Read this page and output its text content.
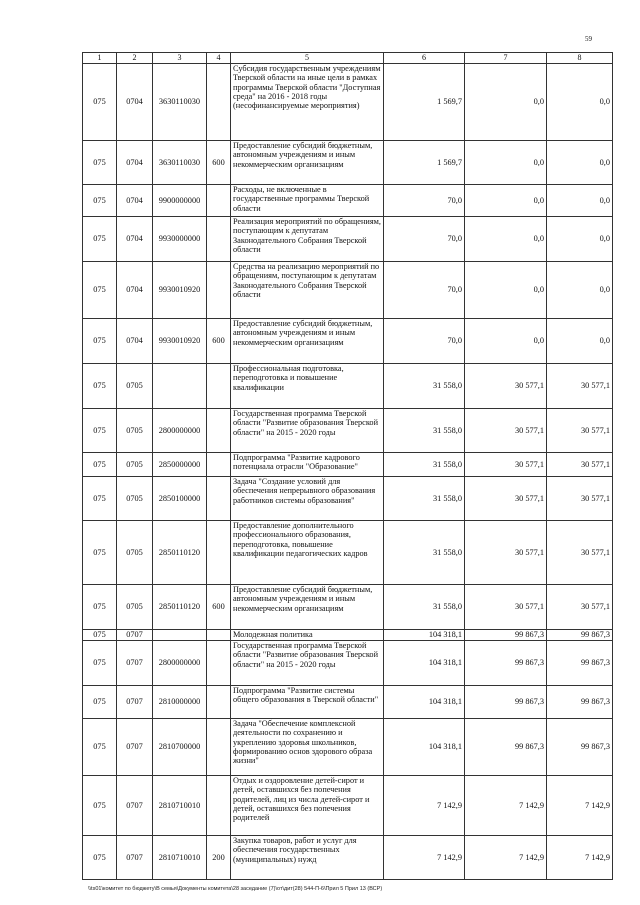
59
1	2	3	4	5	6	7	8
075	0704	3630110030		Субсидия государственным учреждениям Тверской области на иные цели в рамках программы Тверской области "Доступная среда" на 2016 - 2018 годы (несофинансируемые мероприятия)	1 569,7	0,0	0,0
075	0704	3630110030	600	Предоставление субсидий бюджетным, автономным учреждениям и иным некоммерческим организациям	1 569,7	0,0	0,0
075	0704	9900000000		Расходы, не включенные в государственные программы Тверской области	70,0	0,0	0,0
075	0704	9930000000		Реализация мероприятий по обращениям, поступающим к депутатам Законодательного Собрания Тверской области	70,0	0,0	0,0
075	0704	9930010920		Средства на реализацию мероприятий по обращениям, поступающим к депутатам Законодательного Собрания Тверской области	70,0	0,0	0,0
075	0704	9930010920	600	Предоставление субсидий бюджетным, автономным учреждениям и иным некоммерческим организациям	70,0	0,0	0,0
075	0705			Профессиональная подготовка, переподготовка и повышение квалификации	31 558,0	30 577,1	30 577,1
075	0705	2800000000		Государственная программа Тверской области "Развитие образования Тверской области" на 2015 - 2020 годы	31 558,0	30 577,1	30 577,1
075	0705	2850000000		Подпрограмма "Развитие кадрового потенциала отрасли "Образование"	31 558,0	30 577,1	30 577,1
075	0705	2850100000		Задача "Создание условий для обеспечения непрерывного образования работников системы образования"	31 558,0	30 577,1	30 577,1
075	0705	2850110120		Предоставление дополнительного профессионального образования, переподготовка, повышение квалификации педагогических кадров	31 558,0	30 577,1	30 577,1
075	0705	2850110120	600	Предоставление субсидий бюджетным, автономным учреждениям и иным некоммерческим организациям	31 558,0	30 577,1	30 577,1
075	0707			Молодежная политика	104 318,1	99 867,3	99 867,3
075	0707	2800000000		Государственная программа Тверской области "Развитие образования Тверской области" на 2015 - 2020 годы	104 318,1	99 867,3	99 867,3
075	0707	2810000000		Подпрограмма "Развитие системы общего образования в Тверской области"	104 318,1	99 867,3	99 867,3
075	0707	2810700000		Задача "Обеспечение комплексной деятельности по сохранению и укреплению здоровья школьников, формированию основ здорового образа жизни"	104 318,1	99 867,3	99 867,3
075	0707	2810710010		Отдых и оздоровление детей-сирот и детей, оставшихся без попечения родителей, лиц из числа детей-сирот и детей, оставшихся без попечения родителей	7 142,9	7 142,9	7 142,9
075	0707	2810710010	200	Закупка товаров, работ и услуг для обеспечения государственных (муниципальных) нужд	7 142,9	7 142,9	7 142,9
\\ts01\комитет по бюджету\В семья\Документы комитета\28 заседание (7)\от\дит(28) 544-П-6\Прил 5 Прил 13 (ВСР)
